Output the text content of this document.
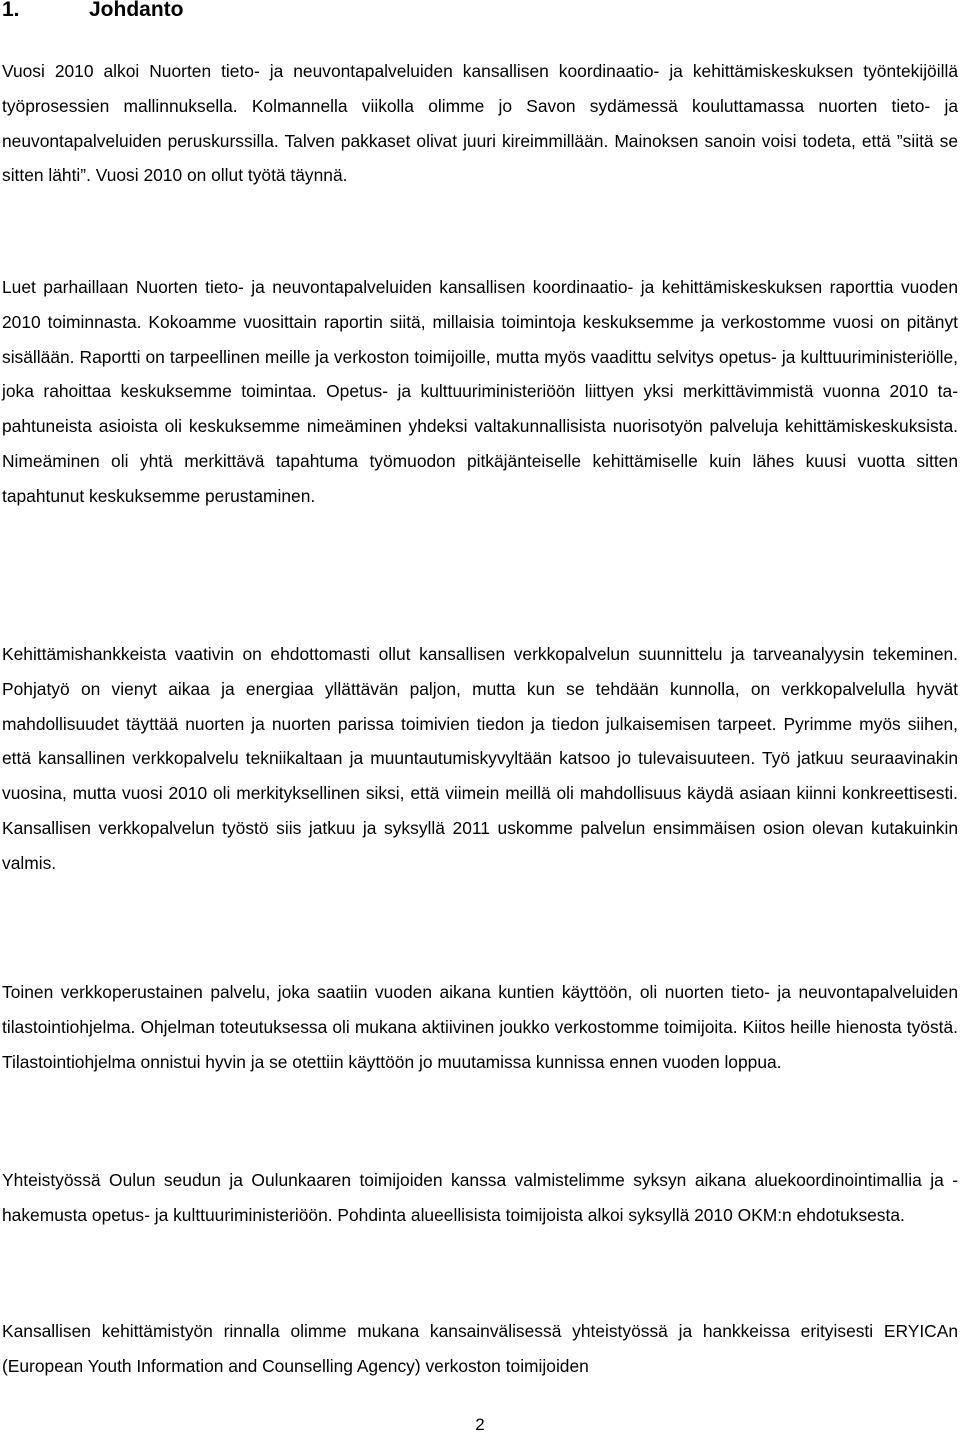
1.	Johdanto

Vuosi 2010 alkoi Nuorten tieto- ja neuvontapalveluiden kansallisen koordinaatio- ja kehittämiskeskuksen työntekijöillä työprosessien mallinnuksella. Kolmannella viikolla olimme jo Savon sydämessä kouluttamassa nuorten tieto- ja neuvontapalveluiden peruskurssilla. Talven pakkaset olivat juuri kireimmillään. Mainoksen sanoin voisi todeta, että ”siitä se sitten lähti”. Vuosi 2010 on ollut työtä täynnä.

Luet parhaillaan Nuorten tieto- ja neuvontapalveluiden kansallisen koordinaatio- ja kehittämiskeskuksen raporttia vuoden 2010 toiminnasta. Kokoamme vuosittain raportin siitä, millaisia toimintoja keskuksemme ja verkostomme vuosi on pitänyt sisällään. Raportti on tarpeellinen meille ja verkoston toimijoille, mutta myös vaadittu selvitys opetus- ja kulttuuriministeriölle, joka rahoittaa keskuksemme toimintaa. Opetus- ja kulttuuriministeriöön liittyen yksi merkittävimmistä vuonna 2010 tapahtuneista asioista oli keskuksemme nimeäminen yhdeksi valtakunnallisista nuorisotyön palveluja kehittämiskeskuksista. Nimeäminen oli yhtä merkittävä tapahtuma työmuodon pitkäjänteiselle kehittämiselle kuin lähes kuusi vuotta sitten tapahtunut keskuksemme perustaminen.

Kehittämishankkeista vaativin on ehdottomasti ollut kansallisen verkkopalvelun suunnittelu ja tarveanalyysin tekeminen. Pohjatyö on vienyt aikaa ja energiaa yllättävän paljon, mutta kun se tehdään kunnolla, on verkkopalvelulla hyvät mahdollisuudet täyttää nuorten ja nuorten parissa toimivien tiedon ja tiedon julkaisemisen tarpeet. Pyrimme myös siihen, että kansallinen verkkopalvelu tekniikaltaan ja muuntautumiskyvyltään katsoo jo tulevaisuuteen. Työ jatkuu seuraavinakin vuosina, mutta vuosi 2010 oli merkityksellinen siksi, että viimein meillä oli mahdollisuus käydä asiaan kiinni konkreettisesti. Kansallisen verkkopalvelun työstö siis jatkuu ja syksyllä 2011 uskomme palvelun ensimmäisen osion olevan kutakuinkin valmis.

Toinen verkkoperustainen palvelu, joka saatiin vuoden aikana kuntien käyttöön, oli nuorten tieto- ja neuvontapalveluiden tilastointiohjelma. Ohjelman toteutuksessa oli mukana aktiivinen joukko verkostomme toimijoita. Kiitos heille hienosta työstä. Tilastointiohjelma onnistui hyvin ja se otettiin käyttöön jo muutamissa kunnissa ennen vuoden loppua.

Yhteistyössä Oulun seudun ja Oulunkaaren toimijoiden kanssa valmistelimme syksyn aikana aluekoordinointimallia ja -hakemusta opetus- ja kulttuuriministeriöön. Pohdinta alueellisista toimijoista alkoi syksyllä 2010 OKM:n ehdotuksesta.

Kansallisen kehittämistyön rinnalla olimme mukana kansainvälisessä yhteistyössä ja hankkeissa erityisesti ERYICAn (European Youth Information and Counselling Agency) verkoston toimijoiden

2
